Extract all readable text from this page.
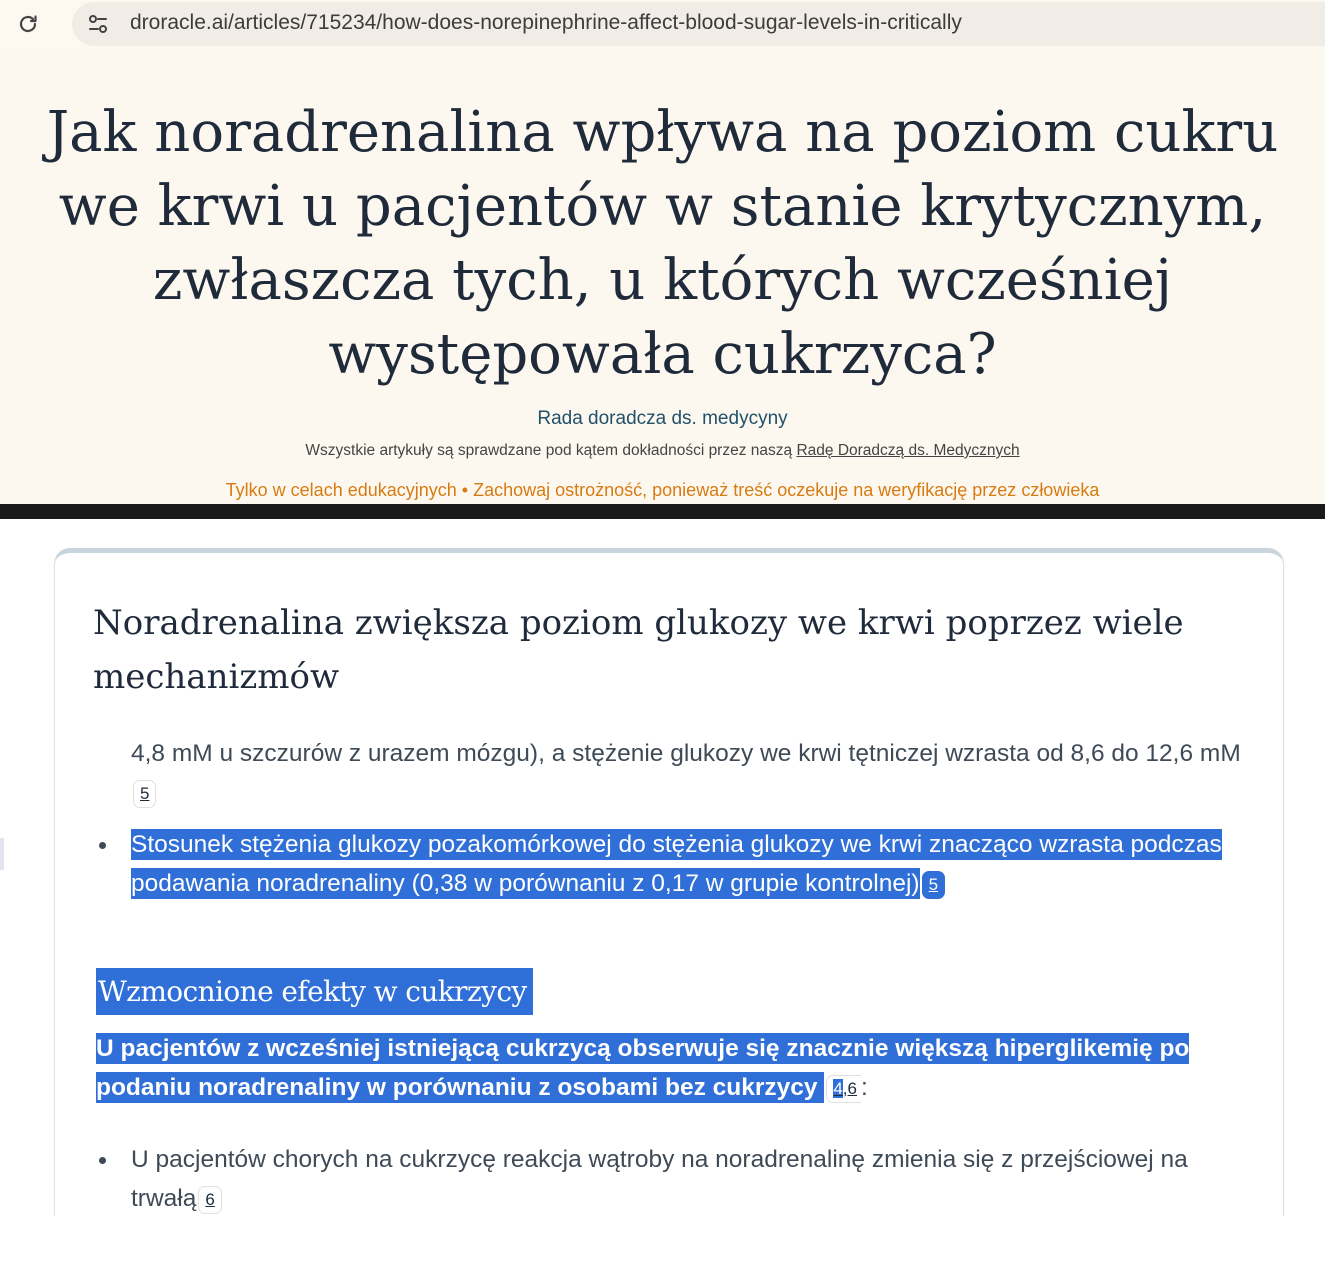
droracle.ai/articles/715234/how-does-norepinephrine-affect-blood-sugar-levels-in-critically
Jak noradrenalina wpływa na poziom cukru we krwi u pacjentów w stanie krytycznym, zwłaszcza tych, u których wcześniej występowała cukrzyca?
Rada doradcza ds. medycyny
Wszystkie artykuły są sprawdzane pod kątem dokładności przez naszą Radę Doradczą ds. Medycznych
Tylko w celach edukacyjnych • Zachowaj ostrożność, ponieważ treść oczekuje na weryfikację przez człowieka
Noradrenalina zwiększa poziom glukozy we krwi poprzez wiele mechanizmów
4,8 mM u szczurów z urazem mózgu), a stężenie glukozy we krwi tętniczej wzrasta od 8,6 do 12,6 mM5
Stosunek stężenia glukozy pozakomórkowej do stężenia glukozy we krwi znacząco wzrasta podczas podawania noradrenaliny (0,38 w porównaniu z 0,17 w grupie kontrolnej) 5
Wzmocnione efekty w cukrzycy
U pacjentów z wcześniej istniejącą cukrzycą obserwuje się znacznie większą hiperglikemię po podaniu noradrenaliny w porównaniu z osobami bez cukrzycy 4,6 :
U pacjentów chorych na cukrzycę reakcja wątroby na noradrenalinę zmienia się z przejściowej na trwałą 6
